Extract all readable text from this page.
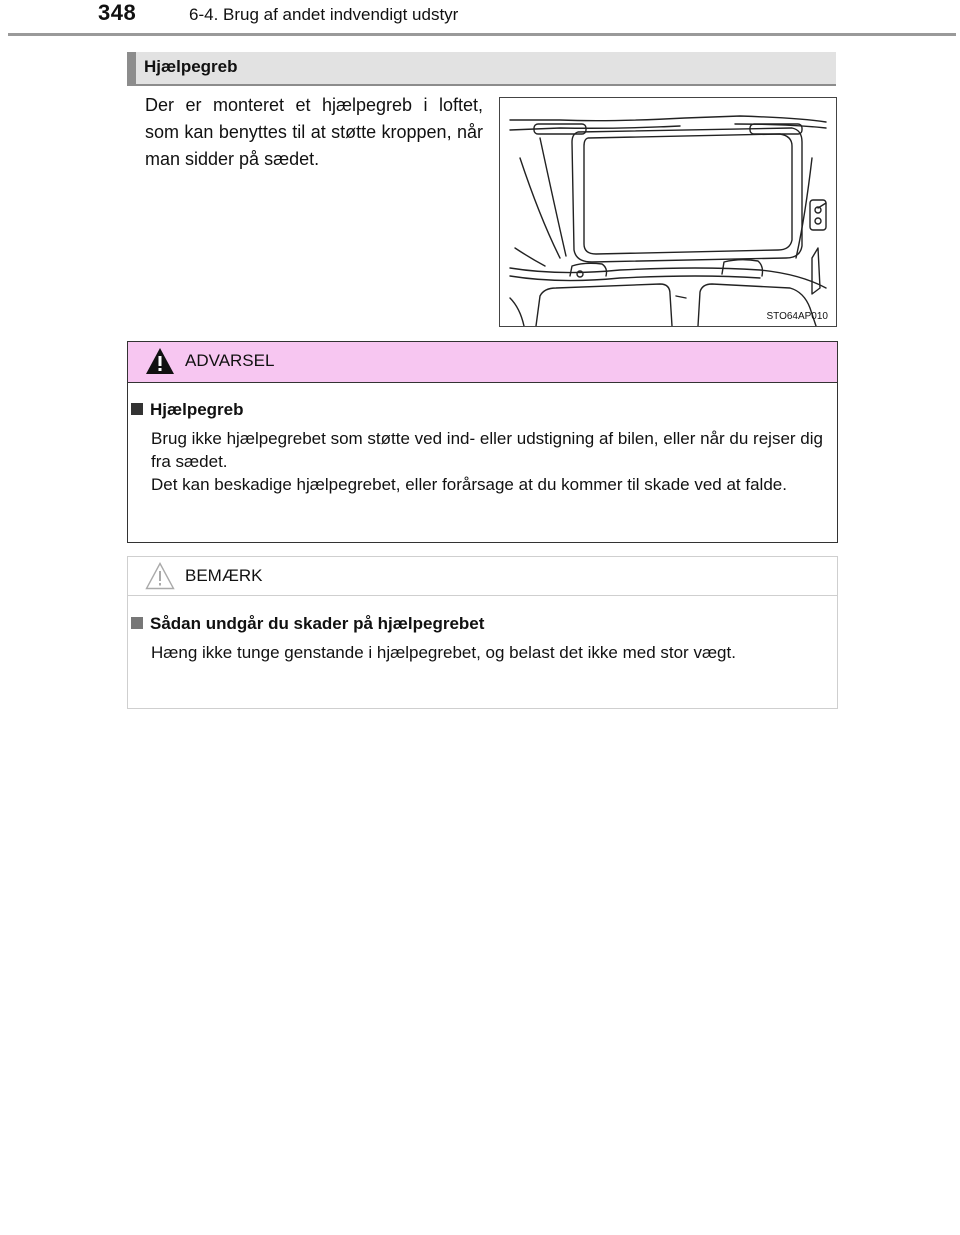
348	6-4. Brug af andet indvendigt udstyr
Hjælpegreb
Der er monteret et hjælpegreb i loftet, som kan benyttes til at støtte kroppen, når man sidder på sædet.
STO64AP010
ADVARSEL
Hjælpegreb

Brug ikke hjælpegrebet som støtte ved ind- eller udstigning af bilen, eller når du rejser dig fra sædet.

Det kan beskadige hjælpegrebet, eller forårsage at du kommer til skade ved at falde.

BEMÆRK
Sådan undgår du skader på hjælpegrebet

Hæng ikke tunge genstande i hjælpegrebet, og belast det ikke med stor vægt.
